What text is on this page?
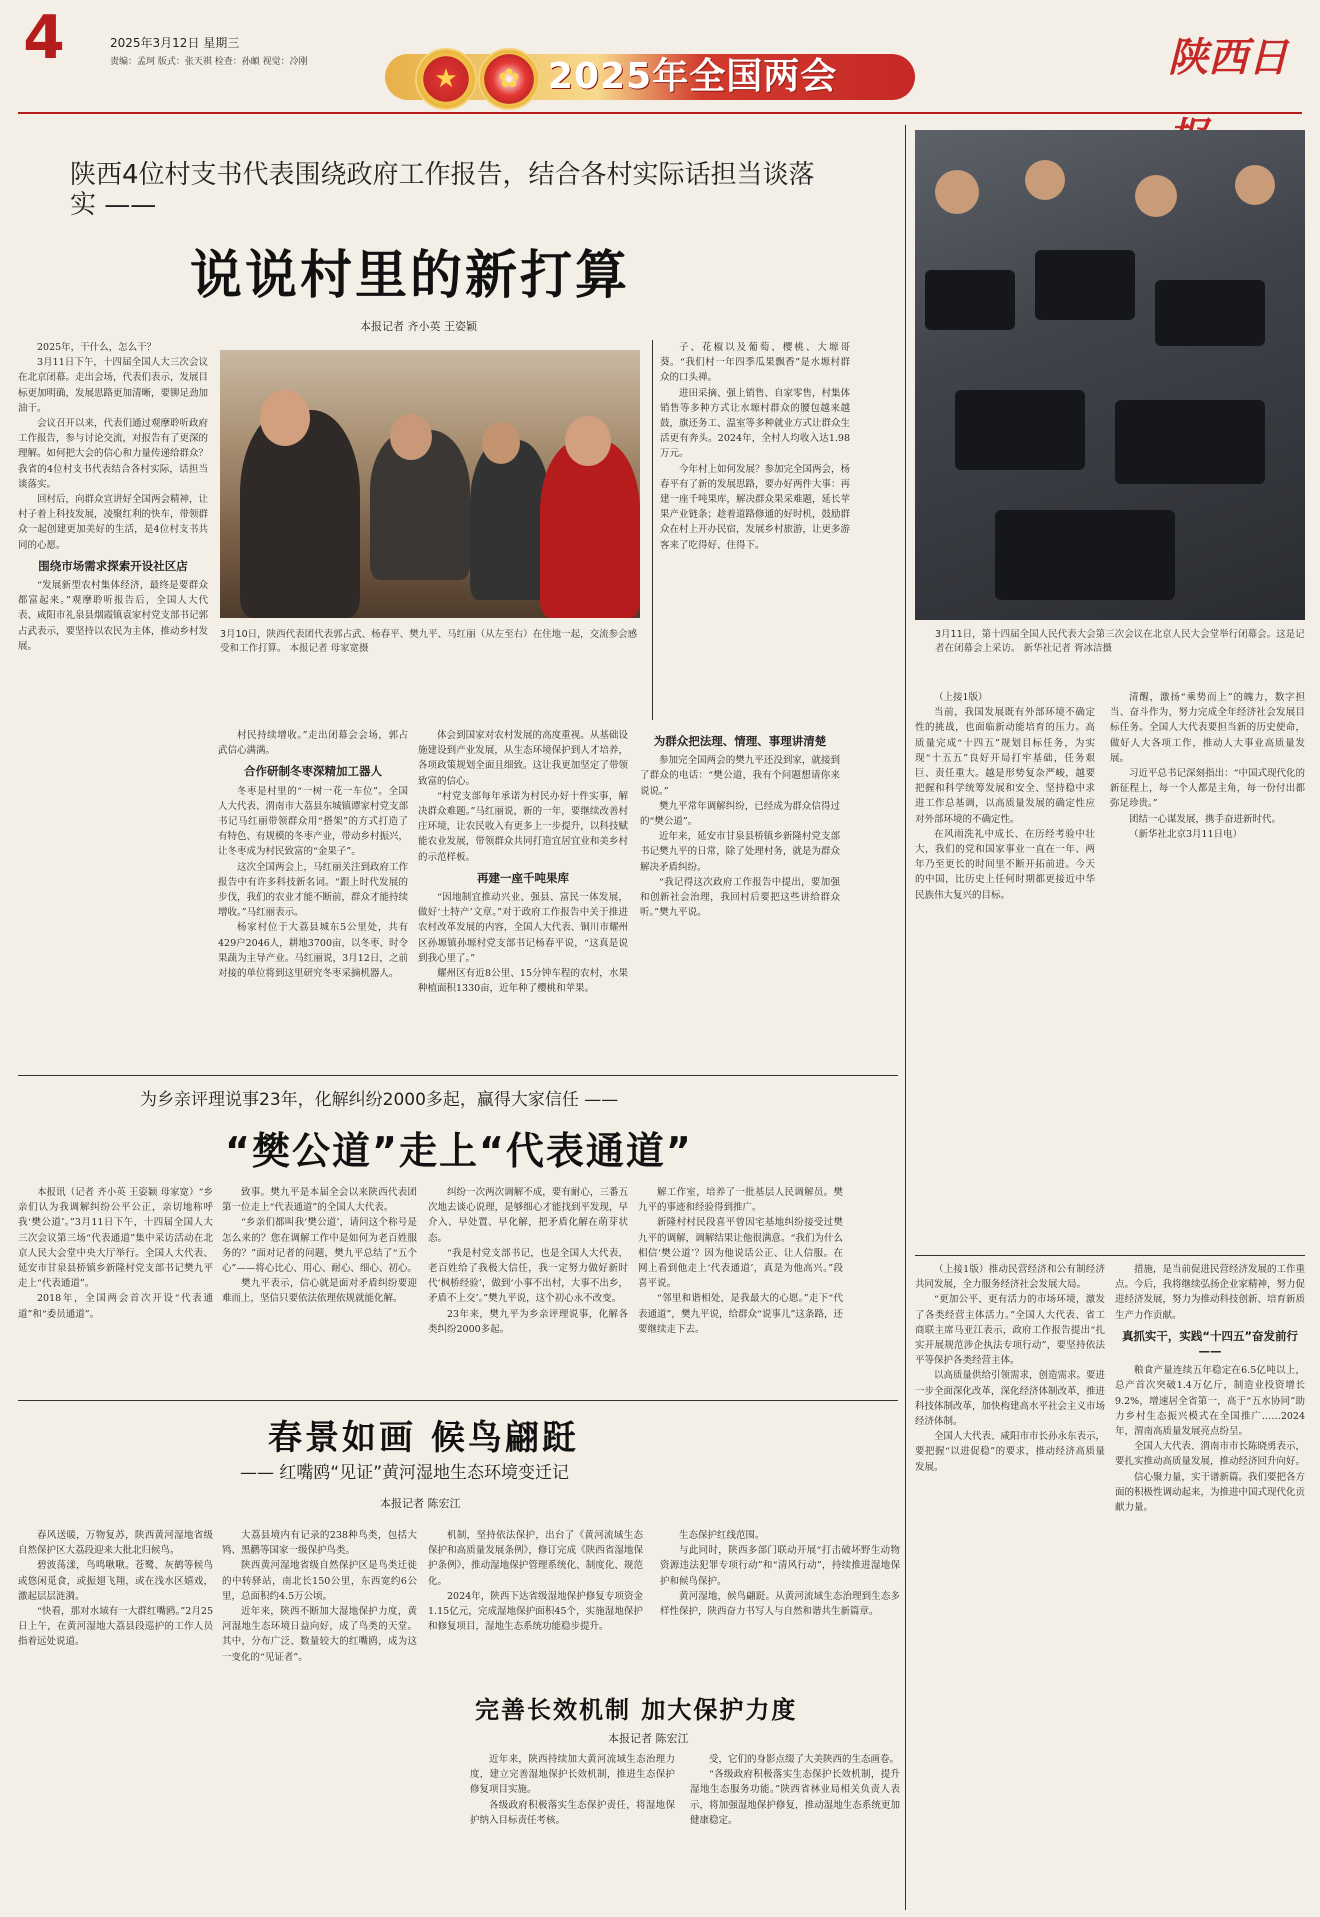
4	2025年3月12日 星期三
责编：孟珂 版式：张天祺 检查：孙頔 视觉：冷刚
★	✿ 2025年全国两会	陕西日
陕西4位村支书代表围绕政府工作报告，结合各村实际话担当谈落实 ——
说说村里的新打算
本报记者 齐小英 王姿颖

2025年，干什么，怎么干？

3月11日下午，十四届全国人大三次会议在北京闭幕。走出会场，代表们表示，发展目标更加明确，发展思路更加清晰，要铆足劲加油干。

会议召开以来，代表们通过观摩聆听政府工作报告，参与讨论交流，对报告有了更深的理解。如何把大会的信心和力量传递给群众？我省的4位村支书代表结合各村实际，话担当谈落实。

回村后，向群众宣讲好全国两会精神，让村子着上科技发展，凌聚红利的快车，带领群众一起创建更加美好的生活，是4位村支书共同的心愿。

围绕市场需求探索开设社区店

“发展新型农村集体经济，最终是要群众都富起来。”观摩聆听报告后，全国人大代表、咸阳市礼泉县烟霞镇袁家村党支部书记郭占武表示，要坚持以农民为主体，推动乡村发展。

3月10日，陕西代表团代表郭占武、杨春平、樊九平、马红丽（从左至右）在住地一起，交流参会感受和工作打算。 本报记者 母家宽摄

村民持续增收。”走出闭幕会会场，郭占武信心满满。

合作研制冬枣深精加工器人

冬枣是村里的“一树一花一车位”。全国人大代表、渭南市大荔县东城镇谭家村党支部书记马红丽带领群众用“搭架”的方式打造了有特色、有规模的冬枣产业，带动乡村振兴，让冬枣成为村民致富的“金果子”。

这次全国两会上，马红丽关注到政府工作报告中有许多科技新名词。“跟上时代发展的步伐，我们的农业才能不断前，群众才能持续增收。”马红丽表示。

杨家村位于大荔县城东5公里处，共有429户2046人，耕地3700亩，以冬枣、时令果蔬为主导产业。马红丽说，3月12日，之前对接的单位将到这里研究冬枣采摘机器人。

体会到国家对农村发展的高度重视。从基础设施建设到产业发展，从生态环境保护到人才培养，各项政策规划全面且细致。这让我更加坚定了带领致富的信心。

“村党支部每年承诺为村民办好十件实事，解决群众难题。”马红丽说，新的一年，要继续改善村庄环境，让农民收入有更多上一步提升，以科技赋能农业发展，带领群众共同打造宜居宜业和美乡村的示范样板。

再建一座千吨果库

“因地制宜推动兴业、强县、富民一体发展，做好‘土特产’文章。”对于政府工作报告中关于推进农村改革发展的内容，全国人大代表、铜川市耀州区孙塬镇孙塬村党支部书记杨春平说，“这真是说到我心里了。”

耀州区有近8公里、15分钟车程的农村，水果种植面积1330亩，近年种了樱桃和苹果。

为群众把法理、情理、事理讲清楚

参加完全国两会的樊九平还没到家，就接到了群众的电话：“樊公道，我有个问题想请你来说说。”

樊九平常年调解纠纷，已经成为群众信得过的“樊公道”。

近年来，延安市甘泉县桥镇乡新隆村党支部书记樊九平的日常，除了处理村务，就是为群众解决矛盾纠纷。

“我记得这次政府工作报告中提出，要加强和创新社会治理，我回村后要把这些讲给群众听。”樊九平说。

子、花椒以及葡萄、樱桃、大塬哥葵。“我们村一年四季瓜果飘香”是水塬村群众的口头禅。

进田采摘、强上销售、自家零售，村集体销售等多种方式让水塬村群众的腰包越来越鼓，旗还务工、温室等多种就业方式让群众生活更有奔头。2024年，全村人均收入达1.98万元。

今年村上如何发展？参加完全国两会，杨春平有了新的发展思路，要办好两件大事：再建一座千吨果库，解决群众果采难题，延长苹果产业链条；趁着道路修通的好时机，鼓励群众在村上开办民宿，发展乡村旅游，让更多游客来了吃得好、住得下。

3月11日，第十四届全国人民代表大会第三次会议在北京人民大会堂举行闭幕会。这是记者在闭幕会上采访。 新华社记者 胥冰洁摄

（上接1版）

当前，我国发展既有外部环境不确定性的挑战，也面临新动能培育的压力。高质量完成“十四五”规划目标任务，为实现“十五五”良好开局打牢基础，任务艰巨、责任重大。越是形势复杂严峻，越要把握和科学统筹发展和安全、坚持稳中求进工作总基调，以高质量发展的确定性应对外部环境的不确定性。

在风雨洗礼中成长、在历经考验中壮大，我们的党和国家事业一直在一年、两年乃至更长的时间里不断开拓前进。今天的中国，比历史上任何时期都更接近中华民族伟大复兴的目标。

清醒，激扬“乘势而上”的魄力，数字担当、奋斗作为，努力完成全年经济社会发展目标任务。全国人大代表要担当新的历史使命，做好人大各项工作，推动人大事业高质量发展。

习近平总书记深刻指出：“中国式现代化的新征程上，每一个人都是主角，每一份付出都弥足珍贵。”

团结一心谋发展，携手奋进新时代。

（新华社北京3月11日电）

为乡亲评理说事23年，化解纠纷2000多起，赢得大家信任 ——
“樊公道”走上“代表通道”

本报讯（记者 齐小英 王姿颖 母家宽）“乡亲们认为我调解纠纷公平公正，亲切地称呼我‘樊公道’。”3月11日下午，十四届全国人大三次会议第三场“代表通道”集中采访活动在北京人民大会堂中央大厅举行。全国人大代表、延安市甘泉县桥镇乡新隆村党支部书记樊九平走上“代表通道”。

2018年，全国两会首次开设“代表通道”和“委员通道”。

致事。樊九平是本届全会以来陕西代表团第一位走上“代表通道”的全国人大代表。

“乡亲们都叫我‘樊公道’，请问这个称号是怎么来的？您在调解工作中是如何为老百姓服务的？”面对记者的问题，樊九平总结了“五个心”——将心比心、用心、耐心、细心、初心。

樊九平表示，信心就是面对矛盾纠纷要迎难而上，坚信只要依法依理依规就能化解。

纠纷一次两次调解不成，要有耐心，三番五次地去谈心说理，是够细心才能找到平发现，早介入、早处置、早化解，把矛盾化解在萌芽状态。

“我是村党支部书记，也是全国人大代表，老百姓给了我极大信任，我一定努力做好新时代‘枫桥经验’，做到‘小事不出村，大事不出乡，矛盾不上交’。”樊九平说，这个初心永不改变。

23年来，樊九平为乡亲评理说事，化解各类纠纷2000多起。

解工作室，培养了一批基层人民调解员。樊九平的事迹和经验得到推广。

新隆村村民段喜平曾因宅基地纠纷接受过樊九平的调解，调解结果让他很满意。“我们为什么相信‘樊公道’？因为他说话公正、让人信服。在网上看到他走上‘代表通道’，真是为他高兴。”段喜平说。

“邻里和谐相处，是我最大的心愿。”走下“代表通道”，樊九平说，给群众“说事儿”这条路，还要继续走下去。

春景如画 候鸟翩跹
—— 红嘴鸥“见证”黄河湿地生态环境变迁记
本报记者 陈宏江

春风送暖，万物复苏，陕西黄河湿地省级自然保护区大荔段迎来大批北归候鸟。

碧波荡漾，鸟鸣啾啾。苍鹭、灰鹤等候鸟或悠闲觅食，或振翅飞翔，或在浅水区嬉戏，激起层层涟漪。

“快看，那对水域有一大群红嘴鸥。”2月25日上午，在黄河湿地大荔县段巡护的工作人员指着远处说道。

大荔县境内有记录的238种鸟类，包括大鸨、黑鹳等国家一级保护鸟类。

陕西黄河湿地省级自然保护区是鸟类迁徙的中转驿站，南北长150公里，东西宽约6公里，总面积约4.5万公顷。

近年来，陕西不断加大湿地保护力度，黄河湿地生态环境日益向好，成了鸟类的天堂。其中，分布广泛、数量较大的红嘴鸥，成为这一变化的“见证者”。

机制，坚持依法保护，出台了《黄河流域生态保护和高质量发展条例》，修订完成《陕西省湿地保护条例》，推动湿地保护管理系统化、制度化、规范化。

2024年，陕西下达省级湿地保护修复专项资金1.15亿元，完成湿地保护面积45个，实施湿地保护和修复项目，湿地生态系统功能稳步提升。

生态保护红线范围。

与此同时，陕西多部门联动开展“打击破坏野生动物资源违法犯罪专项行动”和“清风行动”，持续推进湿地保护和候鸟保护。

黄河湿地，候鸟翩跹。从黄河流域生态治理到生态多样性保护，陕西奋力书写人与自然和谐共生新篇章。

完善长效机制 加大保护力度
本报记者 陈宏江

近年来，陕西持续加大黄河流域生态治理力度，建立完善湿地保护长效机制，推进生态保护修复项目实施。

各级政府积极落实生态保护责任，将湿地保护纳入目标责任考核。

受，它们的身影点缀了大美陕西的生态画卷。

“各级政府积极落实生态保护长效机制，提升湿地生态服务功能。”陕西省林业局相关负责人表示，将加强湿地保护修复，推动湿地生态系统更加健康稳定。

（上接1版）推动民营经济和公有制经济共同发展，全力服务经济社会发展大局。

“更加公平、更有活力的市场环境，激发了各类经营主体活力。”全国人大代表、省工商联主席马亚江表示，政府工作报告提出“扎实开展规范涉企执法专项行动”，要坚持依法平等保护各类经营主体。

以高质量供给引领需求，创造需求。要进一步全面深化改革，深化经济体制改革，推进科技体制改革，加快构建高水平社会主义市场经济体制。

全国人大代表、咸阳市市长孙永东表示，要把握“以进促稳”的要求，推动经济高质量发展。

措施，是当前促进民营经济发展的工作重点。今后，我将继续弘扬企业家精神，努力促进经济发展，努力为推动科技创新、培育新质生产力作贡献。

真抓实干，实践“十四五”奋发前行——

粮食产量连续五年稳定在6.5亿吨以上，总产首次突破1.4万亿斤，制造业投资增长9.2%，增速居全省第一，高于“五水协同”助力乡村生态振兴模式在全国推广……2024年，渭南高质量发展亮点纷呈。

全国人大代表、渭南市市长陈晓勇表示，要扎实推动高质量发展，推动经济回升向好。

信心聚力量，实干谱新篇。我们要把各方面的积极性调动起来，为推进中国式现代化贡献力量。
